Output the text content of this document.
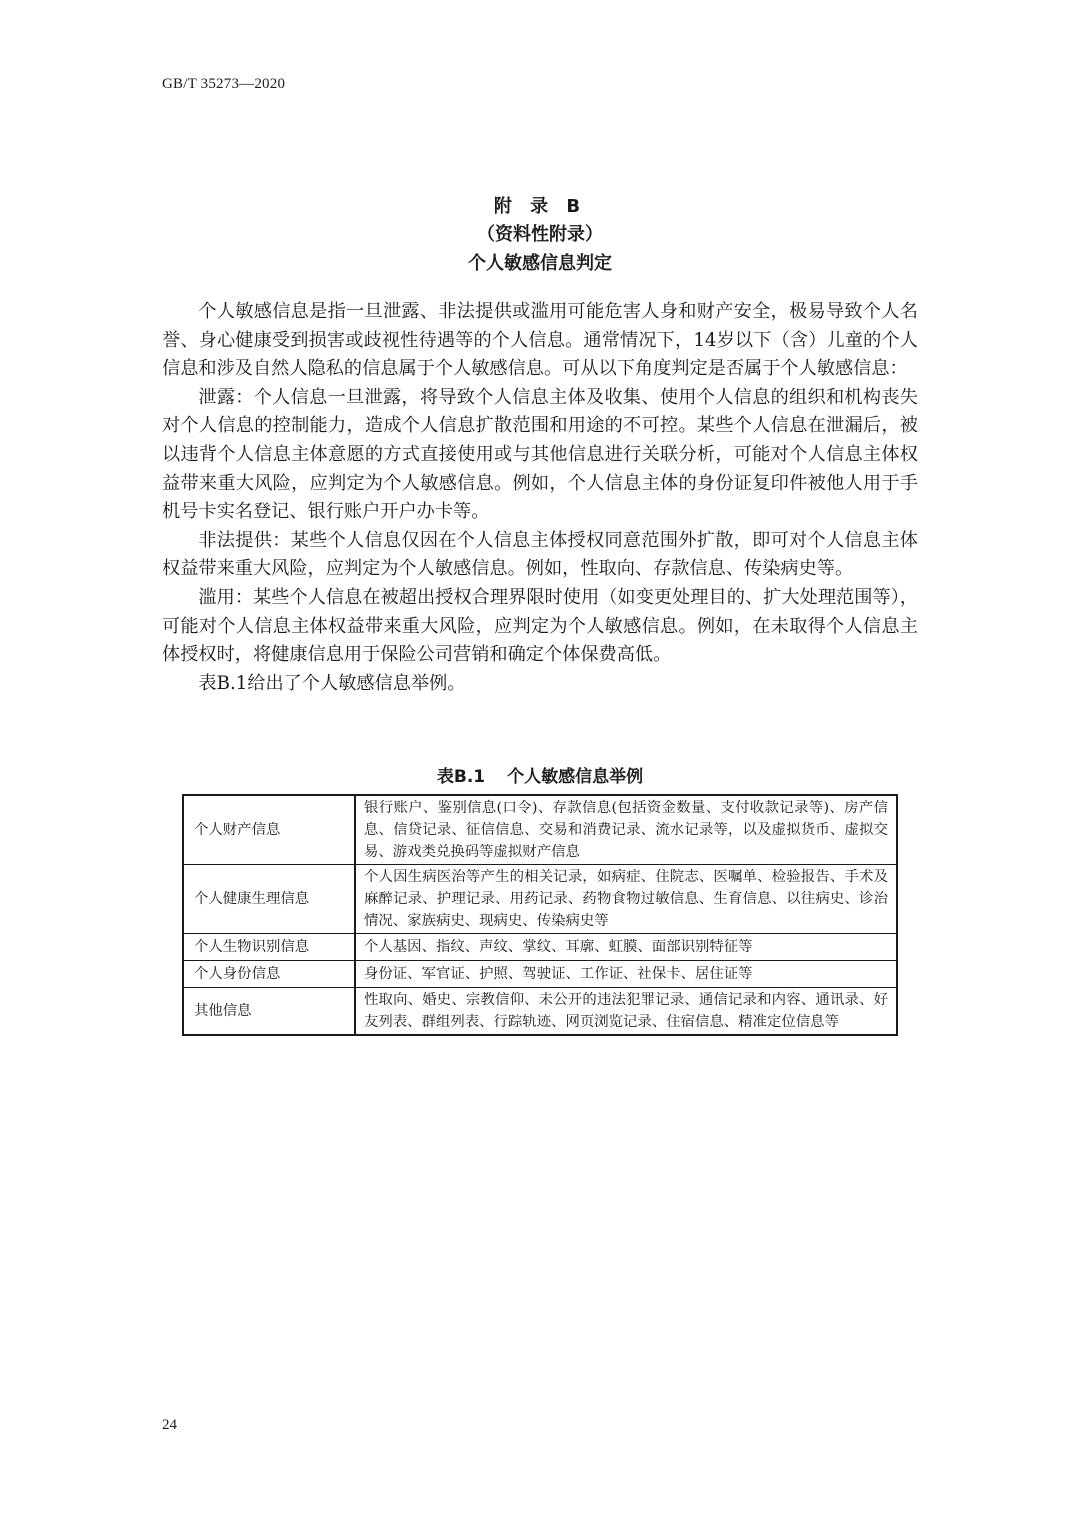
GB/T 35273—2020
附 录 B
（资料性附录）
个人敏感信息判定

个人敏感信息是指一旦泄露、非法提供或滥用可能危害人身和财产安全，极易导致个人名誉、身心健康受到损害或歧视性待遇等的个人信息。通常情况下，14岁以下（含）儿童的个人信息和涉及自然人隐私的信息属于个人敏感信息。可从以下角度判定是否属于个人敏感信息：

泄露：个人信息一旦泄露，将导致个人信息主体及收集、使用个人信息的组织和机构丧失对个人信息的控制能力，造成个人信息扩散范围和用途的不可控。某些个人信息在泄漏后，被以违背个人信息主体意愿的方式直接使用或与其他信息进行关联分析，可能对个人信息主体权益带来重大风险，应判定为个人敏感信息。例如，个人信息主体的身份证复印件被他人用于手机号卡实名登记、银行账户开户办卡等。

非法提供：某些个人信息仅因在个人信息主体授权同意范围外扩散，即可对个人信息主体权益带来重大风险，应判定为个人敏感信息。例如，性取向、存款信息、传染病史等。

滥用：某些个人信息在被超出授权合理界限时使用（如变更处理目的、扩大处理范围等），可能对个人信息主体权益带来重大风险，应判定为个人敏感信息。例如，在未取得个人信息主体授权时，将健康信息用于保险公司营销和确定个体保费高低。

表B.1给出了个人敏感信息举例。

表B.1 个人敏感信息举例
个人财产信息	银行账户、鉴别信息(口令)、存款信息(包括资金数量、支付收款记录等)、房产信息、信贷记录、征信信息、交易和消费记录、流水记录等，以及虚拟货币、虚拟交易、游戏类兑换码等虚拟财产信息
个人健康生理信息	个人因生病医治等产生的相关记录，如病症、住院志、医嘱单、检验报告、手术及麻醉记录、护理记录、用药记录、药物食物过敏信息、生育信息、以往病史、诊治情况、家族病史、现病史、传染病史等
个人生物识别信息	个人基因、指纹、声纹、掌纹、耳廓、虹膜、面部识别特征等
个人身份信息	身份证、军官证、护照、驾驶证、工作证、社保卡、居住证等
其他信息	性取向、婚史、宗教信仰、未公开的违法犯罪记录、通信记录和内容、通讯录、好友列表、群组列表、行踪轨迹、网页浏览记录、住宿信息、精准定位信息等
24
